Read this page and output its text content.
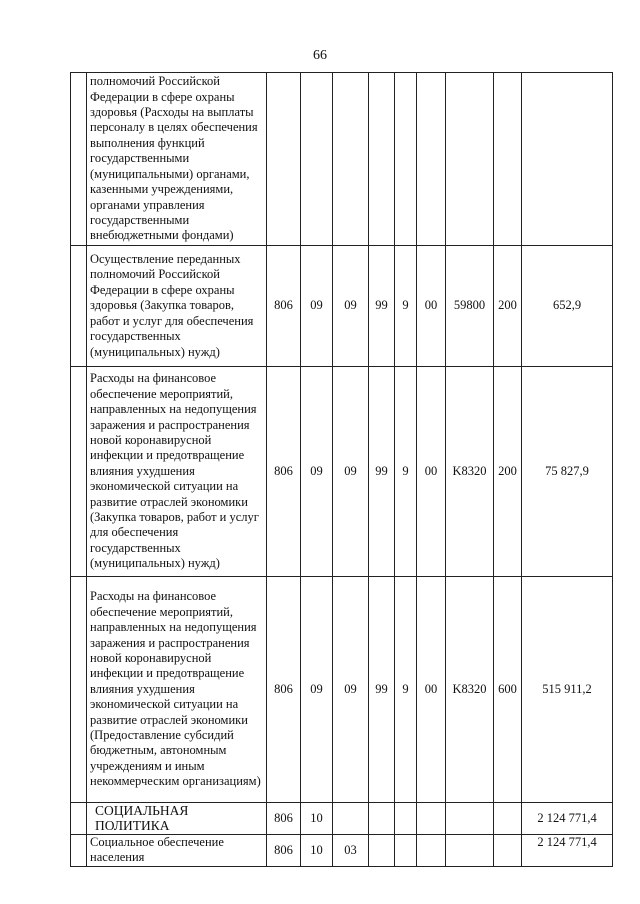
66
	полномочий Российской Федерации в сфере охраны здоровья (Расходы на выплаты персоналу в целях обеспечения выполнения функций государственными (муниципальными) органами, казенными учреждениями, органами управления государственными внебюджетными фондами)									
	Осуществление переданных полномочий Российской Федерации в сфере охраны здоровья (Закупка товаров, работ и услуг для обеспечения государственных (муниципальных) нужд)	806	09	09	99	9	00	59800	200	652,9
	Расходы на финансовое обеспечение мероприятий, направленных на недопущения заражения и распространения новой коронавирусной инфекции и предотвращение влияния ухудшения экономической ситуации на развитие отраслей экономики (Закупка товаров, работ и услуг для обеспечения государственных (муниципальных) нужд)	806	09	09	99	9	00	K8320	200	75 827,9
	Расходы на финансовое обеспечение мероприятий, направленных на недопущения заражения и распространения новой коронавирусной инфекции и предотвращение влияния ухудшения экономической ситуации на развитие отраслей экономики (Предоставление субсидий бюджетным, автономным учреждениям и иным некоммерческим организациям)	806	09	09	99	9	00	K8320	600	515 911,2
	СОЦИАЛЬНАЯ ПОЛИТИКА	806	10							2 124 771,4
	Социальное обеспечение населения	806	10	03						2 124 771,4
